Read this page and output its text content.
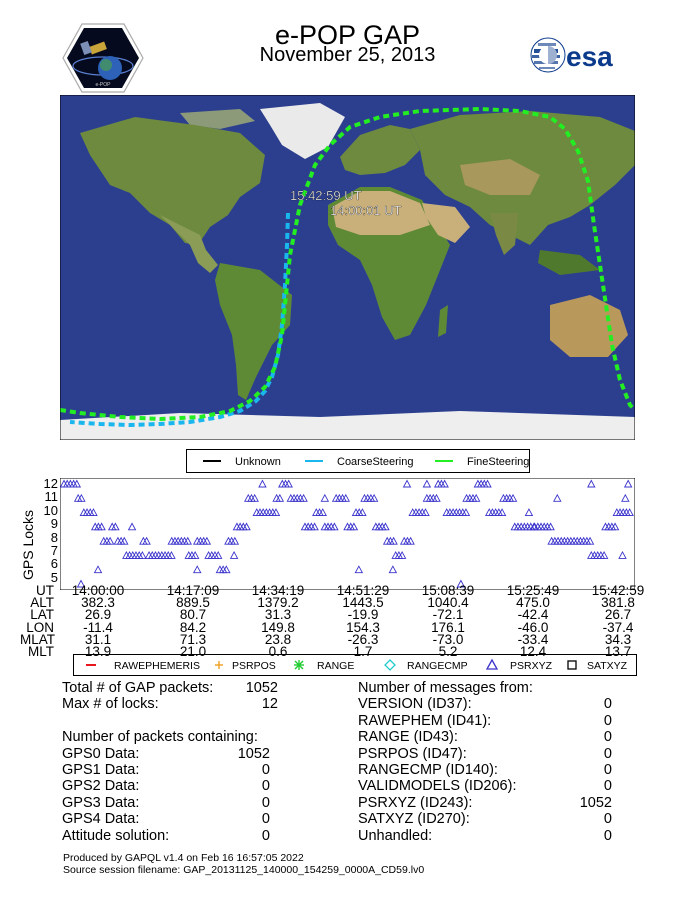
e-POP GAP
November 25, 2013
e-POP
esa
15:42:59 UT
14:00:01 UT
Unknown	CoarseSteering	FineSteering
GPS Locks
12
11
10
9
8
7
6
5
UT	14:00:00	14:17:09	14:34:19	14:51:29	15:08:39	15:25:49	15:42:59
ALT	382.3	889.5	1379.2	1443.5	1040.4	475.0	381.8
LAT	26.9	80.7	31.3	-19.9	-72.1	-42.4	26.7
LON	-11.4	84.2	149.8	154.3	176.1	-46.0	-37.4
MLAT	31.1	71.3	23.8	-26.3	-73.0	-33.4	34.3
MLT	13.9	21.0	0.6	1.7	5.2	12.4	13.7
RAWEPHEMERIS	PSRPOS	RANGE	RANGECMP	PSRXYZ	SATXYZ
Total # of GAP packets: 1052
Max # of locks:	12
Number of packets containing:
GPS0 Data:	1052
GPS1 Data:	0
GPS2 Data:	0
GPS3 Data:	0
GPS4 Data:	0
Attitude solution:	0
Number of messages from:
VERSION (ID37):	0
RAWEPHEM (ID41):	0
RANGE (ID43):	0
PSRPOS (ID47):	0
RANGECMP (ID140):	0
VALIDMODELS (ID206):	0
PSRXYZ (ID243):	1052
SATXYZ (ID270):	0
Unhandled:	0
Produced by GAPQL v1.4 on Feb 16 16:57:05 2022
Source session filename: GAP_20131125_140000_154259_0000A_CD59.lv0
